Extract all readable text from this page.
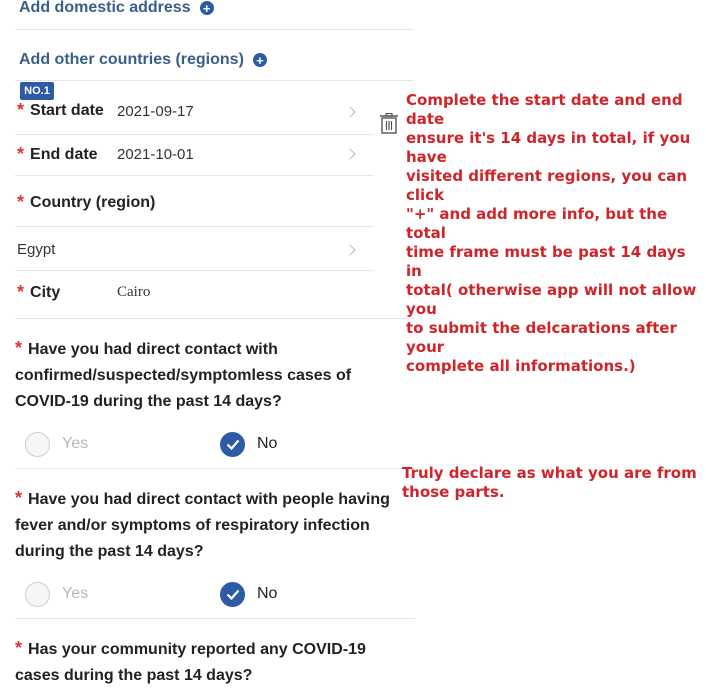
Add domestic address +
Add other countries (regions) +
NO.1
* Start date 2021-09-17
* End date 2021-10-01
* Country (region)
Egypt
* City	Cairo
* Have you had direct contact with
confirmed/suspected/symptomless cases of
COVID-19 during the past 14 days?
Yes	No
* Have you had direct contact with people having
fever and/or symptoms of respiratory infection
during the past 14 days?
Yes	No
* Has your community reported any COVID-19
cases during the past 14 days?
Complete the start date and end date
ensure it's 14 days in total, if you have
visited different regions, you can click
"+" and add more info, but the total
time frame must be past 14 days in
total( otherwise app will not allow you
to submit the delcarations after your
complete all informations.)
Truly declare as what you are from
those parts.
